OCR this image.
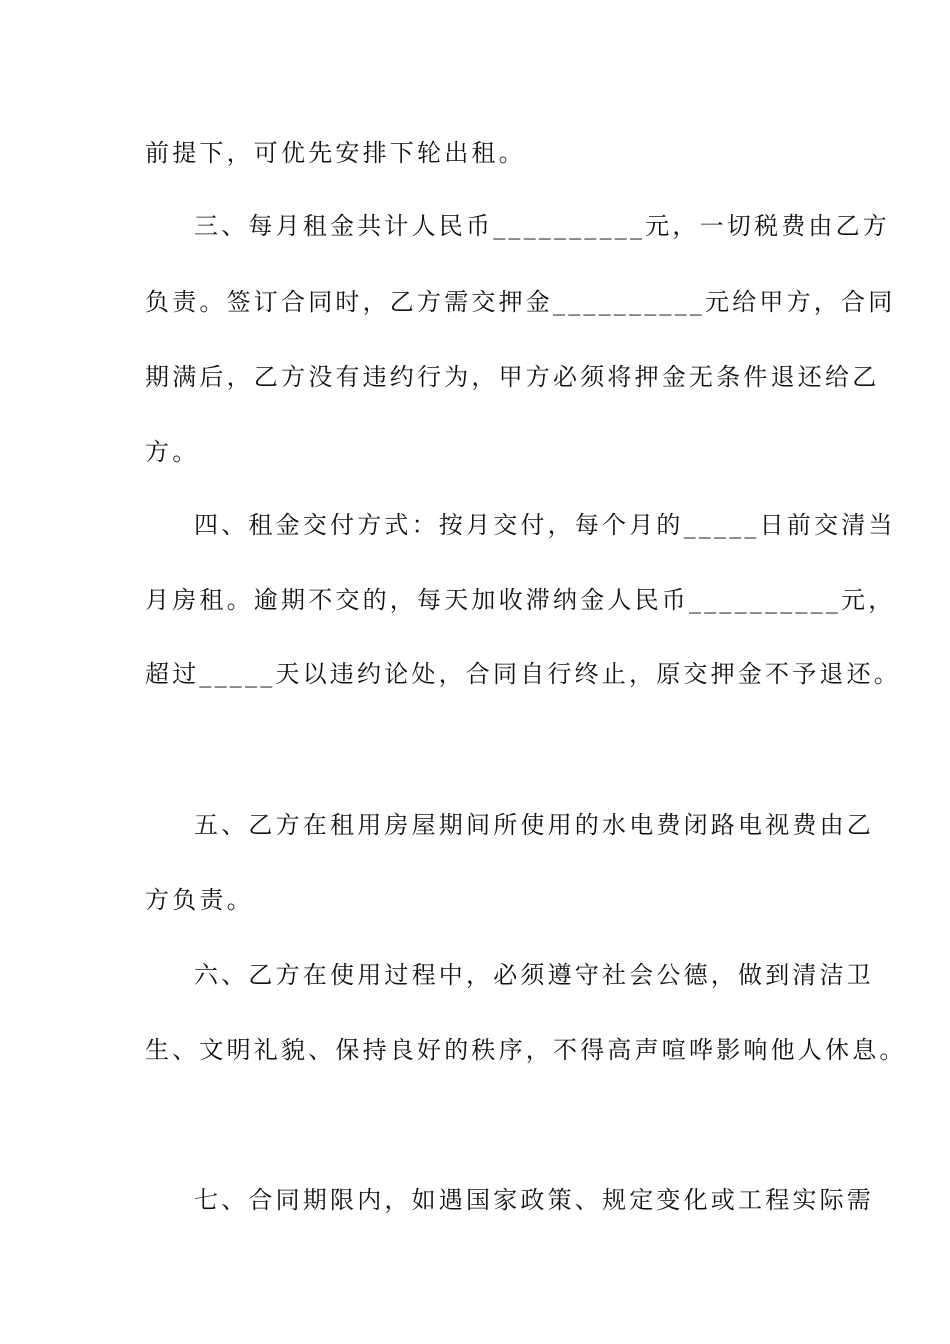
前提下，可优先安排下轮出租。
三、每月租金共计人民币__________元，一切税费由乙方
负责。签订合同时，乙方需交押金__________元给甲方，合同
期满后，乙方没有违约行为，甲方必须将押金无条件退还给乙
方。
四、租金交付方式：按月交付，每个月的_____日前交清当
月房租。逾期不交的，每天加收滞纳金人民币__________元，
超过_____天以违约论处，合同自行终止，原交押金不予退还。
五、乙方在租用房屋期间所使用的水电费闭路电视费由乙
方负责。
六、乙方在使用过程中，必须遵守社会公德，做到清洁卫
生、文明礼貌、保持良好的秩序，不得高声喧哗影响他人休息。
七、合同期限内，如遇国家政策、规定变化或工程实际需
